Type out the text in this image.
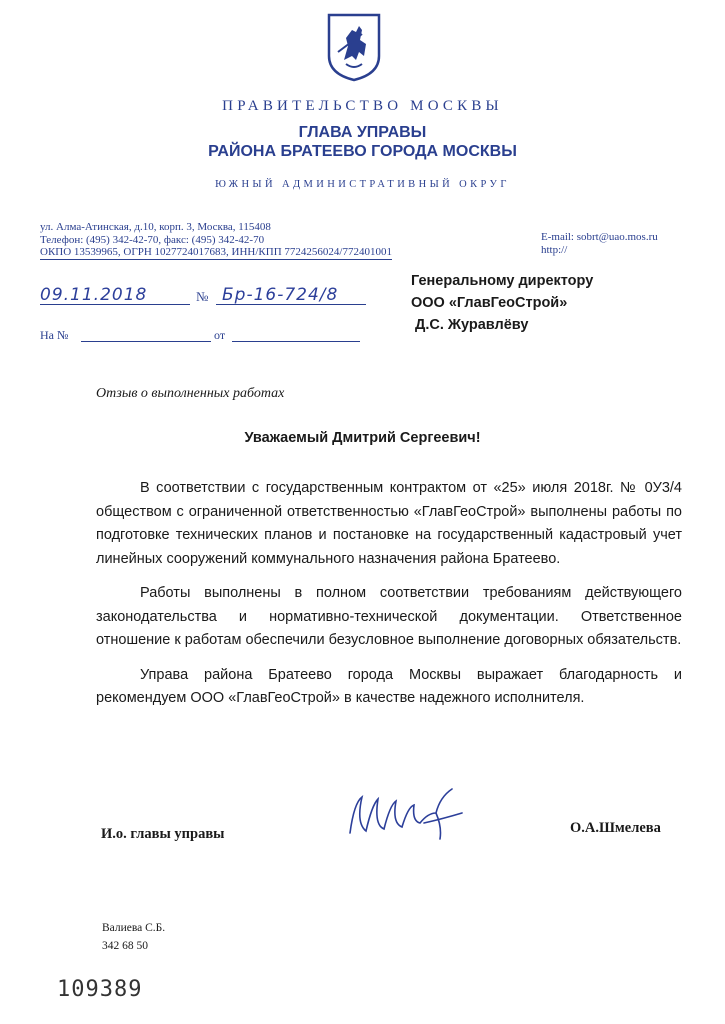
ПРАВИТЕЛЬСТВО МОСКВЫ
ГЛАВА УПРАВЫ
РАЙОНА БРАТЕЕВО ГОРОДА МОСКВЫ
ЮЖНЫЙ АДМИНИСТРАТИВНЫЙ ОКРУГ
ул. Алма-Атинская, д.10, корп. 3, Москва, 115408
Телефон: (495) 342-42-70, факс: (495) 342-42-70
ОКПО 13539965, ОГРН 1027724017683, ИНН/КПП 7724256024/772401001
E-mail: sobrt@uao.mos.ru
http://
09.11.2018	№ Бр-16-724/8
На №	от
Генеральному директору
ООО «ГлавГеоСтрой»
Д.С. Журавлёву
Отзыв о выполненных работах
Уважаемый Дмитрий Сергеевич!

В соответствии с государственным контрактом от «25» июля 2018г. № 0У3/4 обществом с ограниченной ответственностью «ГлавГеоСтрой» выполнены работы по подготовке технических планов и постановке на государственный кадастровый учет линейных сооружений коммунального назначения района Братеево.

Работы выполнены в полном соответствии требованиям действующего законодательства и нормативно-технической документации. Ответственное отношение к работам обеспечили безусловное выполнение договорных обязательств.

Управа района Братеево города Москвы выражает благодарность и рекомендуем ООО «ГлавГеоСтрой» в качестве надежного исполнителя.

И.о. главы управы	О.А.Шмелева
Валиева С.Б.
342 68 50
109389
